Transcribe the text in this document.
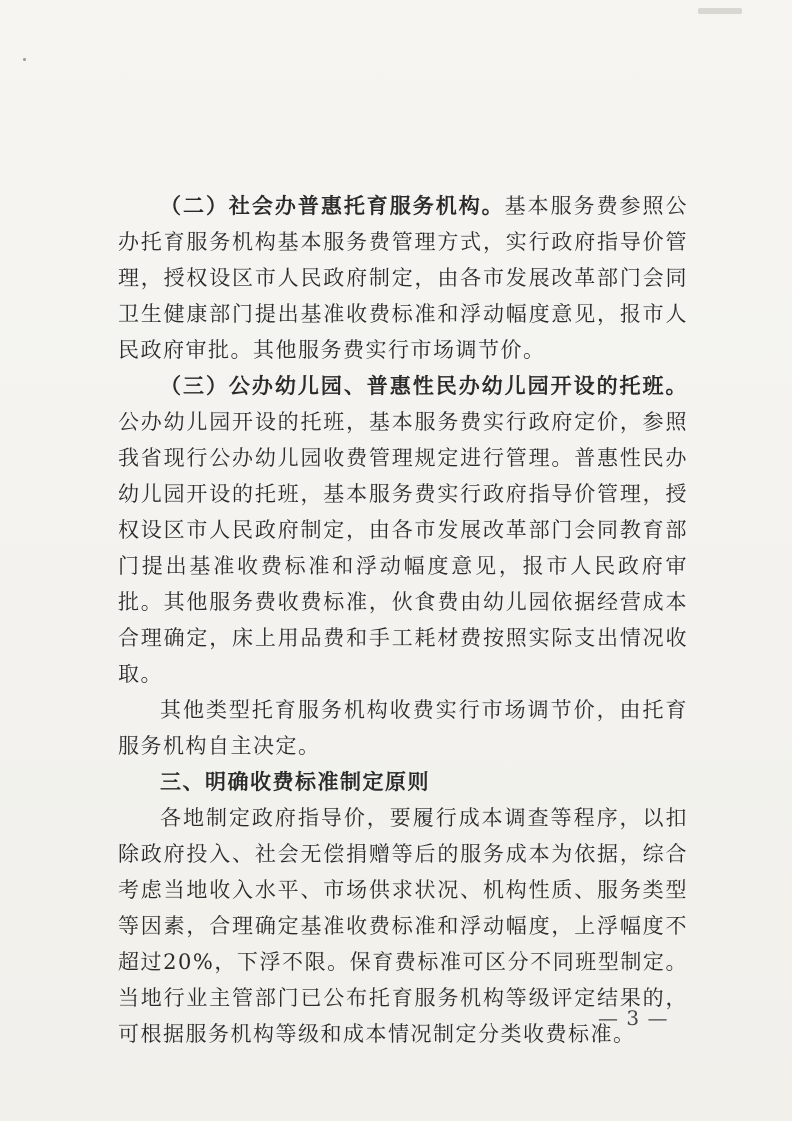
（二）社会办普惠托育服务机构。基本服务费参照公办托育服务机构基本服务费管理方式，实行政府指导价管理，授权设区市人民政府制定，由各市发展改革部门会同卫生健康部门提出基准收费标准和浮动幅度意见，报市人民政府审批。其他服务费实行市场调节价。

（三）公办幼儿园、普惠性民办幼儿园开设的托班。公办幼儿园开设的托班，基本服务费实行政府定价，参照我省现行公办幼儿园收费管理规定进行管理。普惠性民办幼儿园开设的托班，基本服务费实行政府指导价管理，授权设区市人民政府制定，由各市发展改革部门会同教育部门提出基准收费标准和浮动幅度意见，报市人民政府审批。其他服务费收费标准，伙食费由幼儿园依据经营成本合理确定，床上用品费和手工耗材费按照实际支出情况收取。

其他类型托育服务机构收费实行市场调节价，由托育服务机构自主决定。

三、明确收费标准制定原则

各地制定政府指导价，要履行成本调查等程序，以扣除政府投入、社会无偿捐赠等后的服务成本为依据，综合考虑当地收入水平、市场供求状况、机构性质、服务类型等因素，合理确定基准收费标准和浮动幅度，上浮幅度不超过20%，下浮不限。保育费标准可区分不同班型制定。当地行业主管部门已公布托育服务机构等级评定结果的，可根据服务机构等级和成本情况制定分类收费标准。

— 3 —
